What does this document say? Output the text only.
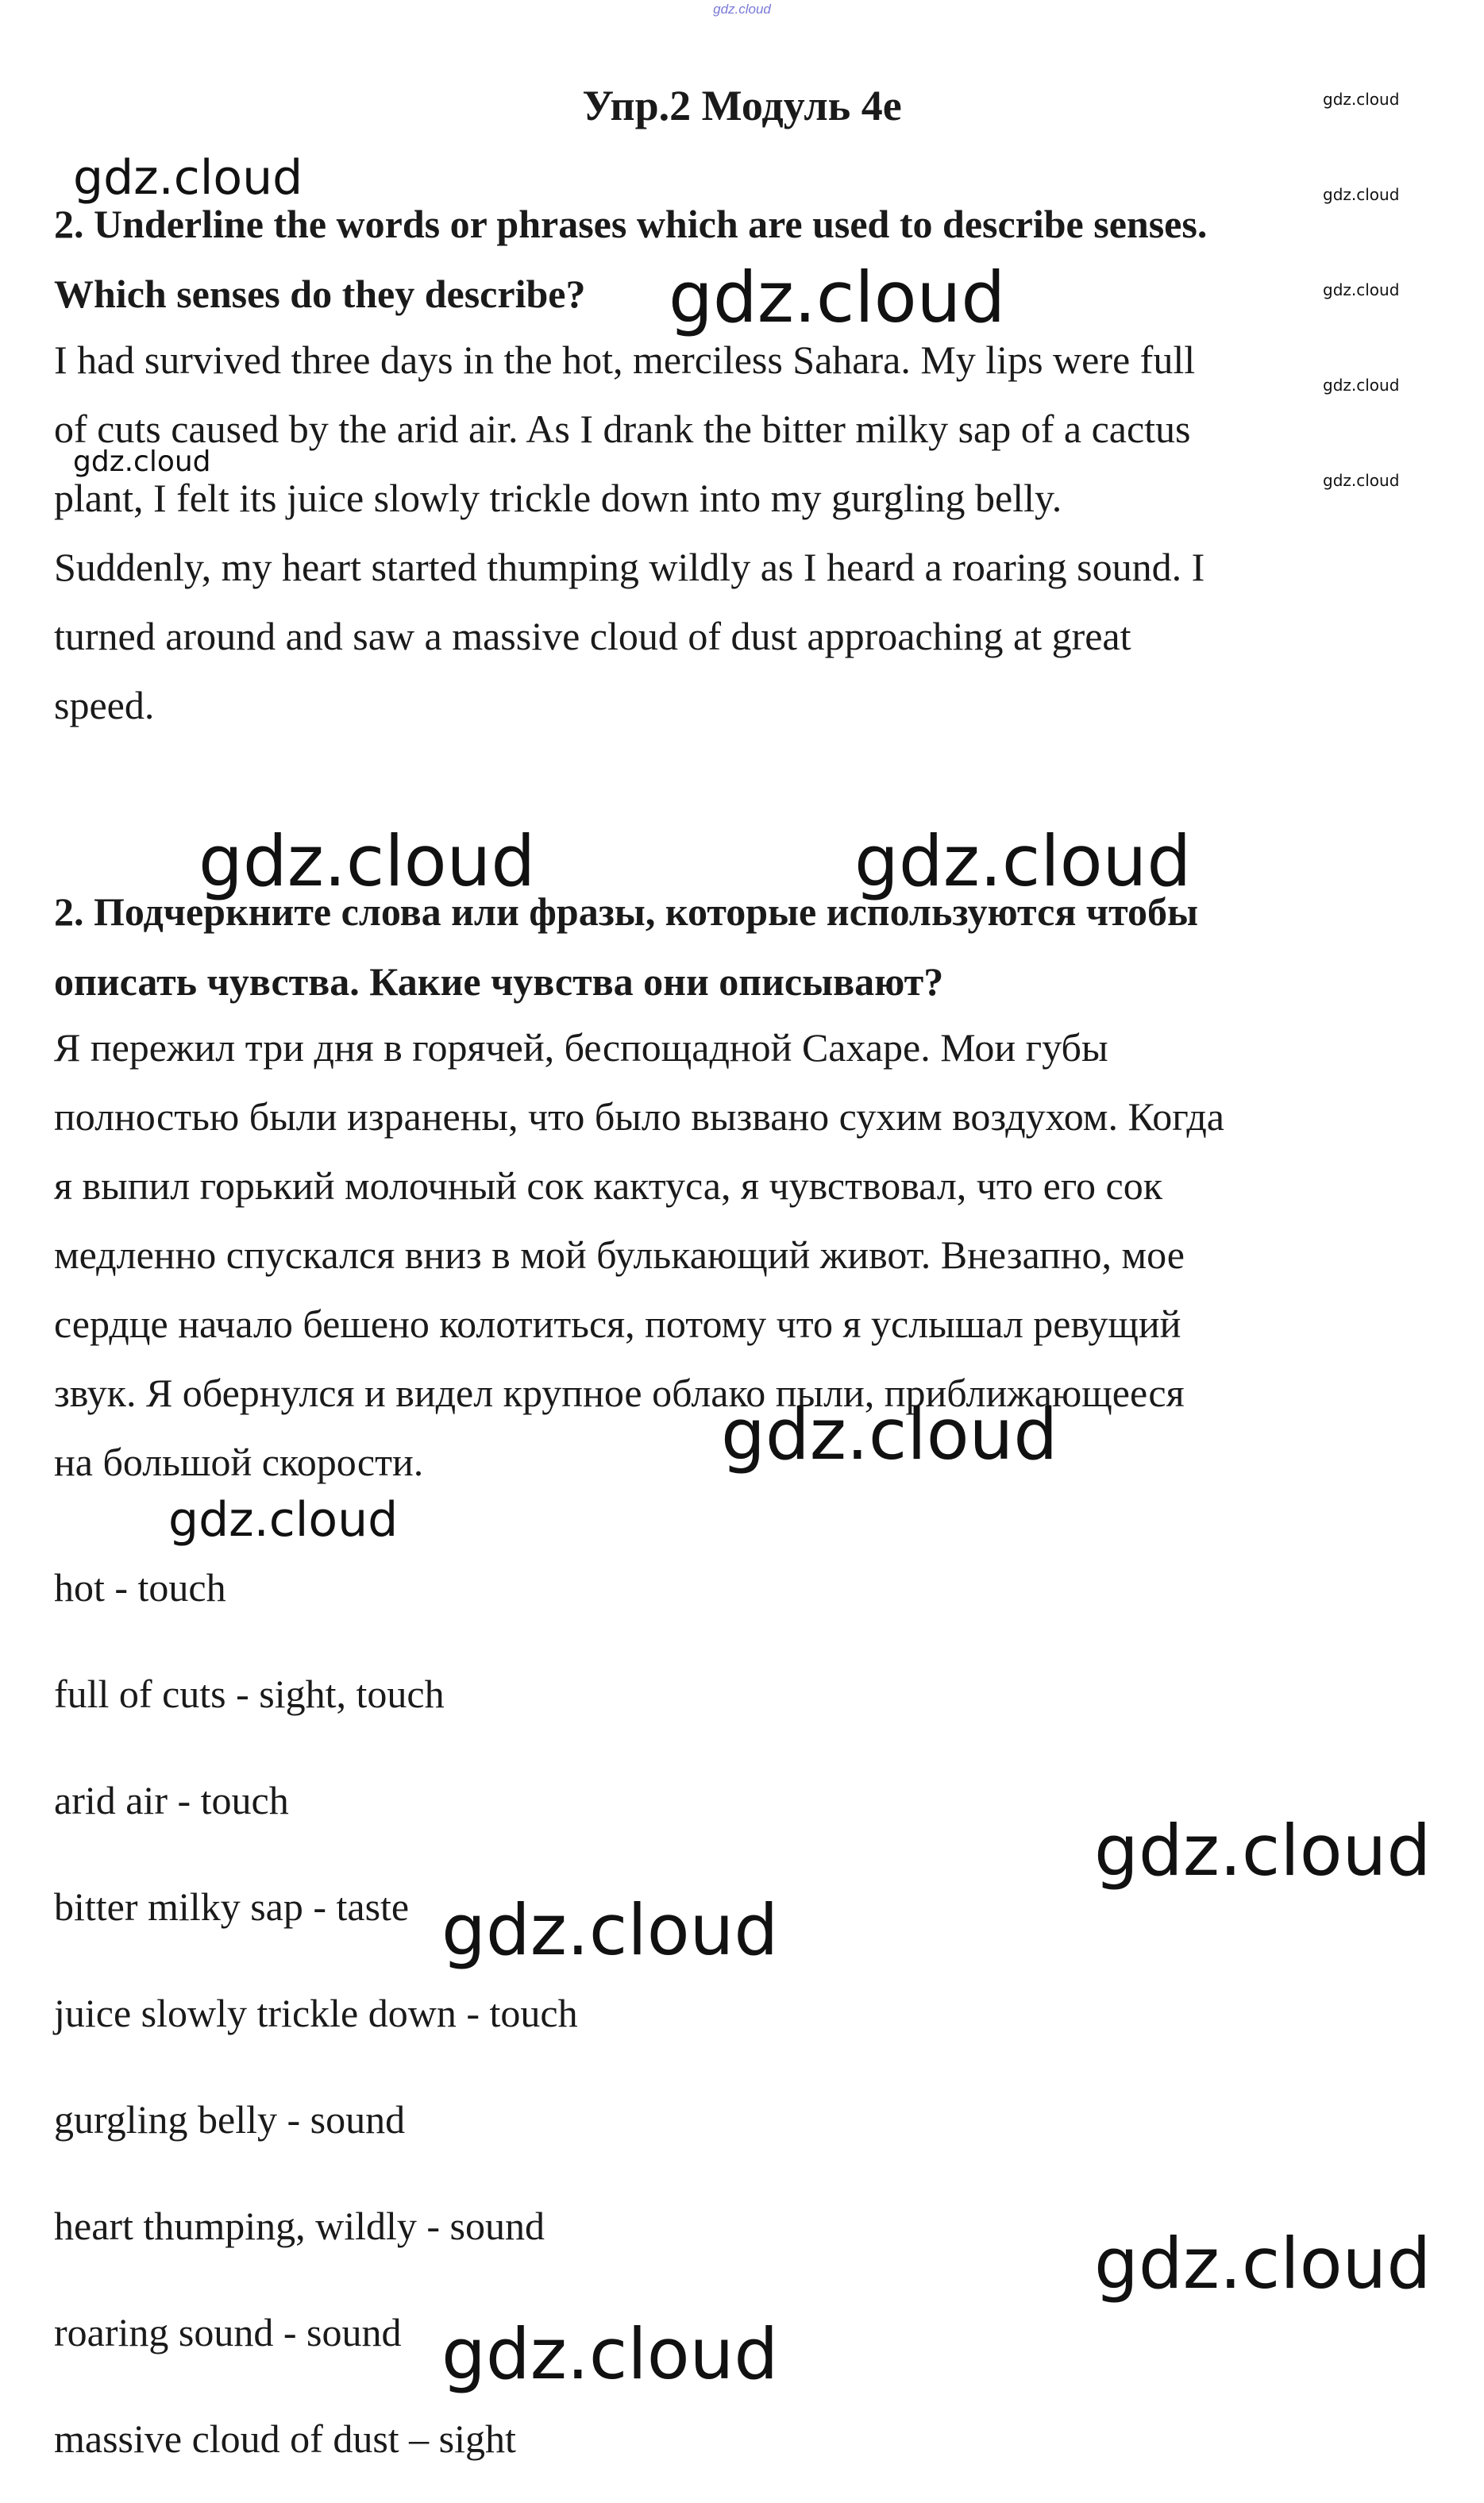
gdz.cloud
Упр.2 Модуль 4e
2. Underline the words or phrases which are used to describe senses.
Which senses do they describe?
I had survived three days in the hot, merciless Sahara. My lips were full
of cuts caused by the arid air. As I drank the bitter milky sap of a cactus
plant, I felt its juice slowly trickle down into my gurgling belly.
Suddenly, my heart started thumping wildly as I heard a roaring sound. I
turned around and saw a massive cloud of dust approaching at great
speed.
2. Подчеркните слова или фразы, которые используются чтобы
описать чувства. Какие чувства они описывают?
Я пережил три дня в горячей, беспощадной Сахаре. Мои губы
полностью были изранены, что было вызвано сухим воздухом. Когда
я выпил горький молочный сок кактуса, я чувствовал, что его сок
медленно спускался вниз в мой булькающий живот. Внезапно, мое
сердце начало бешено колотиться, потому что я услышал ревущий
звук. Я обернулся и видел крупное облако пыли, приближающееся
на большой скорости.
hot - touch
full of cuts - sight, touch
arid air - touch
bitter milky sap - taste
juice slowly trickle down - touch
gurgling belly - sound
heart thumping, wildly - sound
roaring sound - sound
massive cloud of dust – sight
gdz.cloud
gdz.cloud
gdz.cloud
gdz.cloud	gdz.cloud
gdz.cloud
gdz.cloud
gdz.cloud
gdz.cloud
gdz.cloud
gdz.cloud
gdz.cloud
gdz.cloud
gdz.cloud
gdz.cloud
gdz.cloud
